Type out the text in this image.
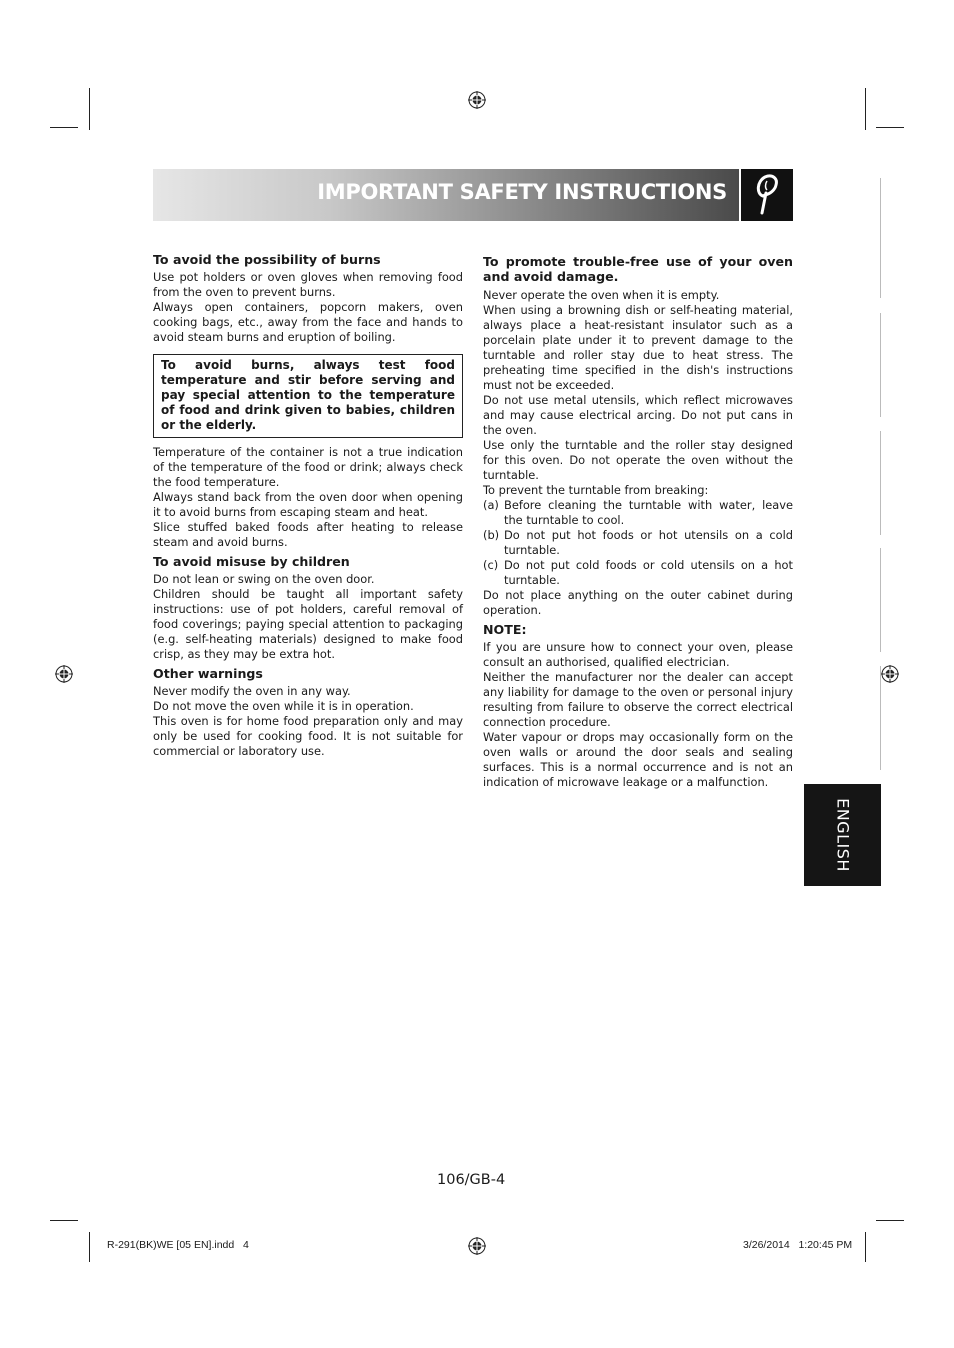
IMPORTANT SAFETY INSTRUCTIONS
To avoid the possibility of burns

Use pot holders or oven gloves when removing food from the oven to prevent burns.

Always open containers, popcorn makers, oven cooking bags, etc., away from the face and hands to avoid steam burns and eruption of boiling.

To avoid burns, always test food temperature and stir before serving and pay special attention to the temperature of food and drink given to babies, children or the elderly.

Temperature of the container is not a true indication of the temperature of the food or drink; always check the food temperature.

Always stand back from the oven door when opening it to avoid burns from escaping steam and heat.

Slice stuffed baked foods after heating to release steam and avoid burns.

To avoid misuse by children

Do not lean or swing on the oven door.

Children should be taught all important safety instructions: use of pot holders, careful removal of food coverings; paying special attention to packaging (e.g. self-heating materials) designed to make food crisp, as they may be extra hot.

Other warnings

Never modify the oven in any way.

Do not move the oven while it is in operation.

This oven is for home food preparation only and may only be used for cooking food. It is not suitable for commercial or laboratory use.

To promote trouble-free use of your oven and avoid damage.

Never operate the oven when it is empty.

When using a browning dish or self-heating material, always place a heat-resistant insulator such as a porcelain plate under it to prevent damage to the turntable and roller stay due to heat stress. The preheating time specified in the dish's instructions must not be exceeded.

Do not use metal utensils, which reflect microwaves and may cause electrical arcing. Do not put cans in the oven.

Use only the turntable and the roller stay designed for this oven. Do not operate the oven without the turntable.

To prevent the turntable from breaking:

(a) Before cleaning the turntable with water, leave the turntable to cool.
(b) Do not put hot foods or hot utensils on a cold turntable.
(c) Do not put cold foods or cold utensils on a hot turntable.

Do not place anything on the outer cabinet during operation.

NOTE:

If you are unsure how to connect your oven, please consult an authorised, qualified electrician.

Neither the manufacturer nor the dealer can accept any liability for damage to the oven or personal injury resulting from failure to observe the correct electrical connection procedure.

Water vapour or drops may occasionally form on the oven walls or around the door seals and sealing surfaces. This is a normal occurrence and is not an indication of microwave leakage or a malfunction.

ENGLISH
106/GB-4
R-291(BK)WE [05 EN].indd   4	3/26/2014   1:20:45 PM
